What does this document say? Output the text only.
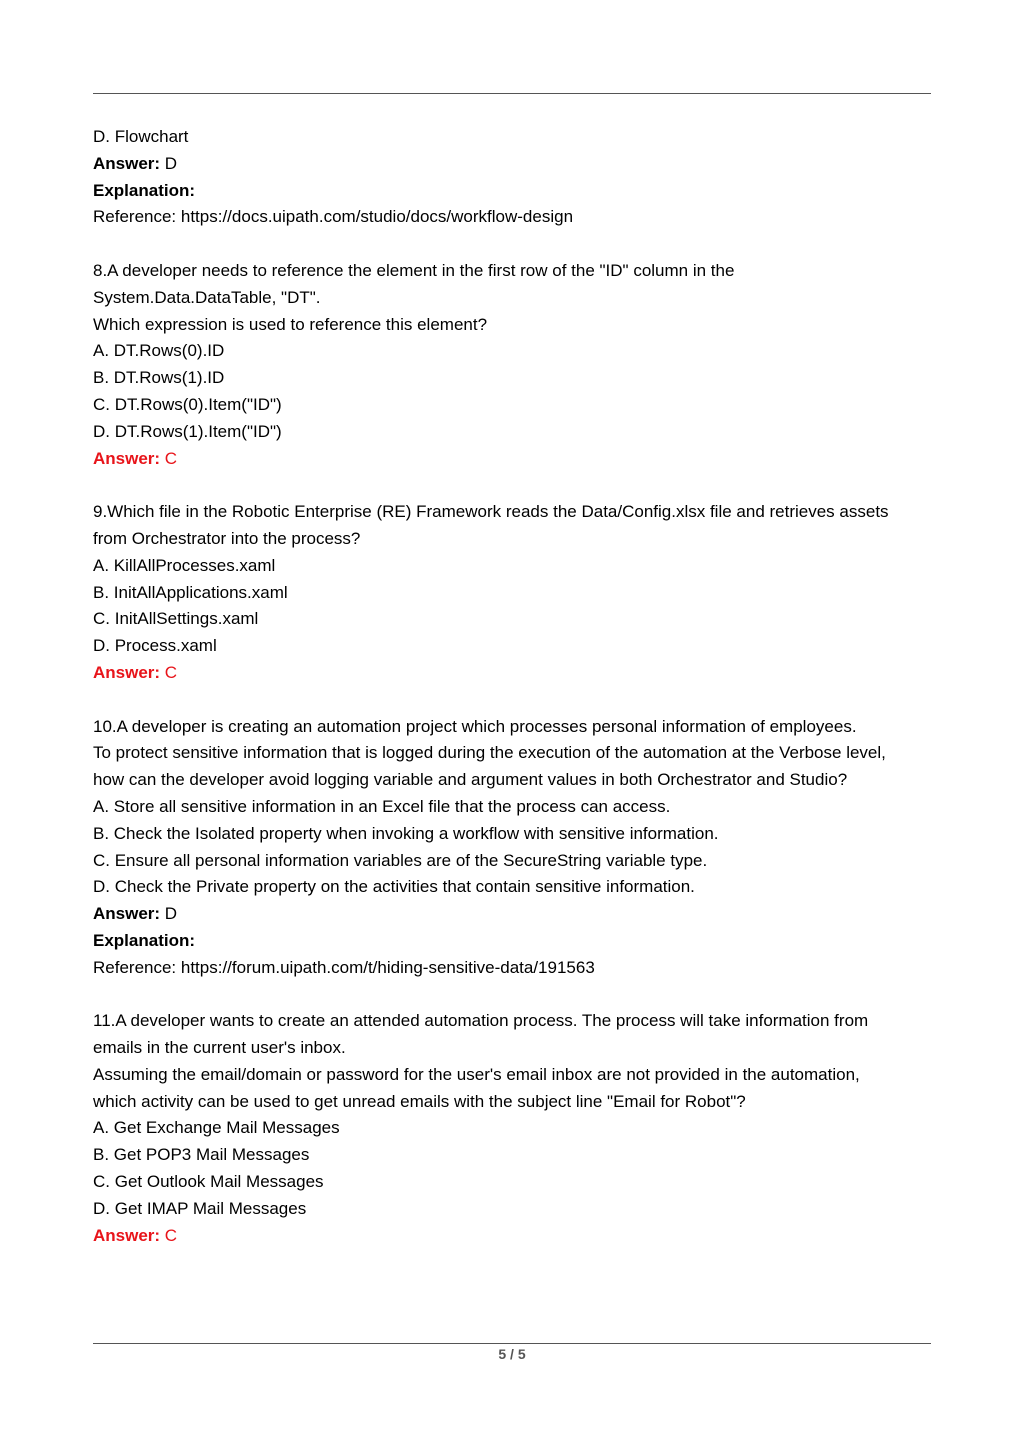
D. Flowchart
Answer: D
Explanation:
Reference: https://docs.uipath.com/studio/docs/workflow-design
8.A developer needs to reference the element in the first row of the "ID" column in the
System.Data.DataTable, "DT".
Which expression is used to reference this element?
A. DT.Rows(0).ID
B. DT.Rows(1).ID
C. DT.Rows(0).Item("ID")
D. DT.Rows(1).Item("ID")
Answer: C
9.Which file in the Robotic Enterprise (RE) Framework reads the Data/Config.xlsx file and retrieves assets
from Orchestrator into the process?
A. KillAllProcesses.xaml
B. InitAllApplications.xaml
C. InitAllSettings.xaml
D. Process.xaml
Answer: C
10.A developer is creating an automation project which processes personal information of employees.
To protect sensitive information that is logged during the execution of the automation at the Verbose level,
how can the developer avoid logging variable and argument values in both Orchestrator and Studio?
A. Store all sensitive information in an Excel file that the process can access.
B. Check the Isolated property when invoking a workflow with sensitive information.
C. Ensure all personal information variables are of the SecureString variable type.
D. Check the Private property on the activities that contain sensitive information.
Answer: D
Explanation:
Reference: https://forum.uipath.com/t/hiding-sensitive-data/191563
11.A developer wants to create an attended automation process. The process will take information from
emails in the current user's inbox.
Assuming the email/domain or password for the user's email inbox are not provided in the automation,
which activity can be used to get unread emails with the subject line "Email for Robot"?
A. Get Exchange Mail Messages
B. Get POP3 Mail Messages
C. Get Outlook Mail Messages
D. Get IMAP Mail Messages
Answer: C
5 / 5
